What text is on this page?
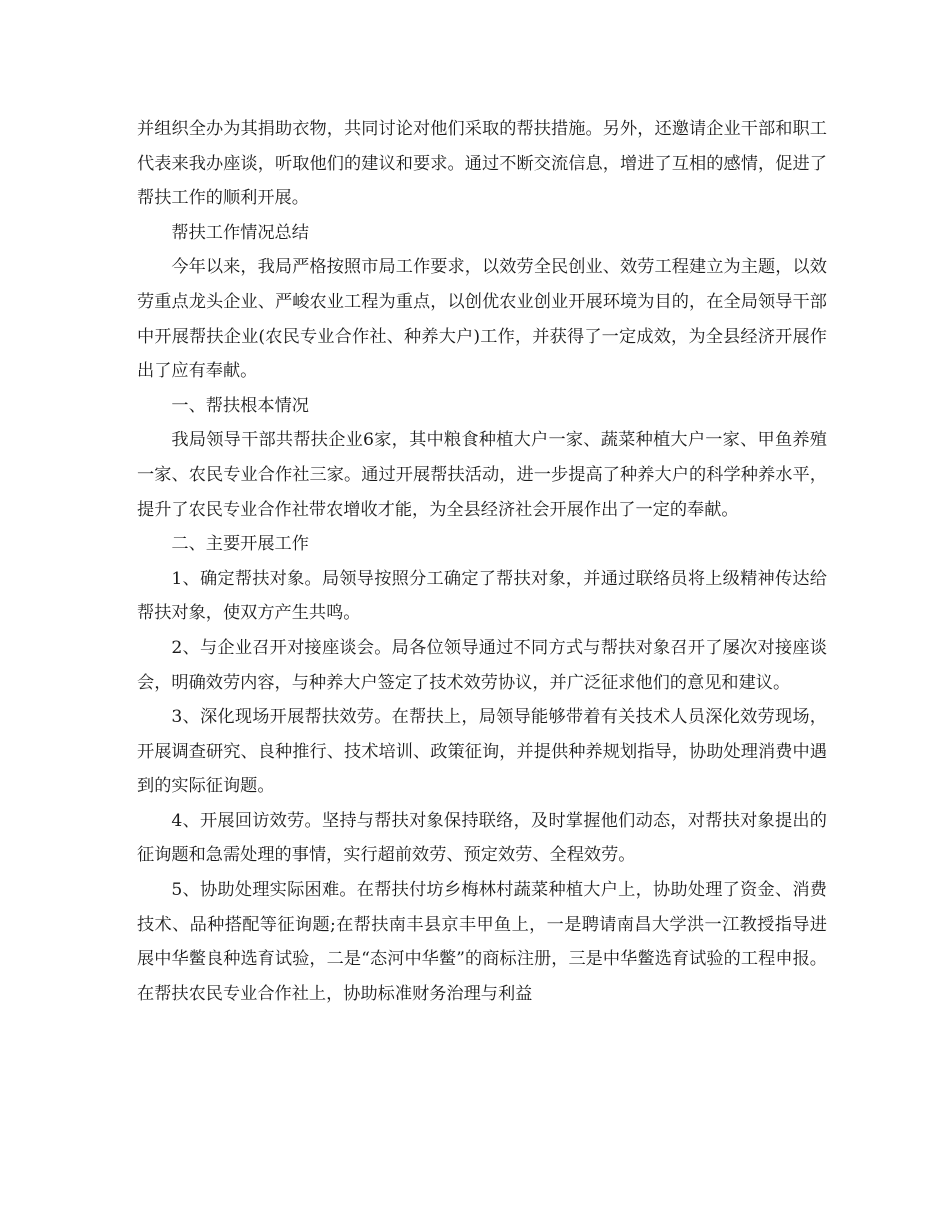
并组织全办为其捐助衣物，共同讨论对他们采取的帮扶措施。另外，还邀请企业干部和职工代表来我办座谈，听取他们的建议和要求。通过不断交流信息，增进了互相的感情，促进了帮扶工作的顺利开展。

帮扶工作情况总结

今年以来，我局严格按照市局工作要求，以效劳全民创业、效劳工程建立为主题，以效劳重点龙头企业、严峻农业工程为重点，以创优农业创业开展环境为目的，在全局领导干部中开展帮扶企业(农民专业合作社、种养大户)工作，并获得了一定成效，为全县经济开展作出了应有奉献。

一、帮扶根本情况

我局领导干部共帮扶企业6家，其中粮食种植大户一家、蔬菜种植大户一家、甲鱼养殖一家、农民专业合作社三家。通过开展帮扶活动，进一步提高了种养大户的科学种养水平，提升了农民专业合作社带农增收才能，为全县经济社会开展作出了一定的奉献。

二、主要开展工作

1、确定帮扶对象。局领导按照分工确定了帮扶对象，并通过联络员将上级精神传达给帮扶对象，使双方产生共鸣。

2、与企业召开对接座谈会。局各位领导通过不同方式与帮扶对象召开了屡次对接座谈会，明确效劳内容，与种养大户签定了技术效劳协议，并广泛征求他们的意见和建议。

3、深化现场开展帮扶效劳。在帮扶上，局领导能够带着有关技术人员深化效劳现场，开展调查研究、良种推行、技术培训、政策征询，并提供种养规划指导，协助处理消费中遇到的实际征询题。

4、开展回访效劳。坚持与帮扶对象保持联络，及时掌握他们动态，对帮扶对象提出的征询题和急需处理的事情，实行超前效劳、预定效劳、全程效劳。

5、协助处理实际困难。在帮扶付坊乡梅林村蔬菜种植大户上，协助处理了资金、消费技术、品种搭配等征询题;在帮扶南丰县京丰甲鱼上，一是聘请南昌大学洪一江教授指导进展中华鳖良种选育试验，二是“态河中华鳖”的商标注册，三是中华鳖选育试验的工程申报。在帮扶农民专业合作社上，协助标准财务治理与利益
